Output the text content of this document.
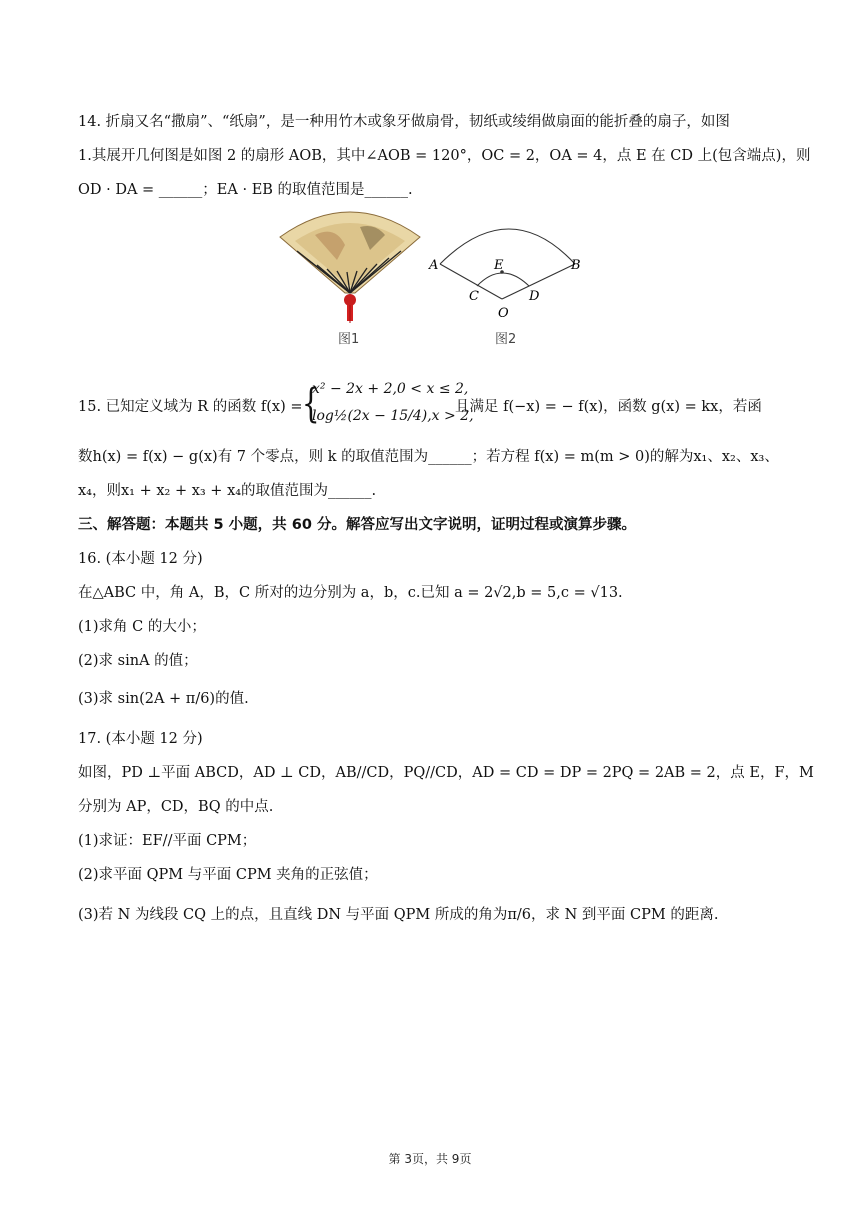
14. 折扇又名“撒扇”、“纸扇”，是一种用竹木或象牙做扇骨，韧纸或绫绢做扇面的能折叠的扇子，如图
1.其展开几何图是如图 2 的扇形 AOB，其中∠AOB = 120°，OC = 2，OA = 4，点 E 在 CD 上(包含端点)，则
OD · DA = ______；EA · EB 的取值范围是______.
图1
A	B
C	D
E
O
图2
15. 已知定义域为 R 的函数 f(x) = {
x² − 2x + 2,0 < x ≤ 2,
log½(2x − 15/4),x > 2,
且满足 f(−x) = − f(x)，函数 g(x) = kx，若函
数h(x) = f(x) − g(x)有 7 个零点，则 k 的取值范围为______；若方程 f(x) = m(m > 0)的解为x₁、x₂、x₃、
x₄，则x₁ + x₂ + x₃ + x₄的取值范围为______.
三、解答题：本题共 5 小题，共 60 分。解答应写出文字说明，证明过程或演算步骤。
16. (本小题 12 分)
在△ABC 中，角 A，B，C 所对的边分别为 a，b，c.已知 a = 2√2,b = 5,c = √13.
(1)求角 C 的大小；
(2)求 sinA 的值；
(3)求 sin(2A + π/6)的值.
17. (本小题 12 分)
如图，PD ⊥平面 ABCD，AD ⊥ CD，AB//CD，PQ//CD，AD = CD = DP = 2PQ = 2AB = 2，点 E，F，M
分别为 AP，CD，BQ 的中点.
(1)求证：EF//平面 CPM；
(2)求平面 QPM 与平面 CPM 夹角的正弦值；
(3)若 N 为线段 CQ 上的点，且直线 DN 与平面 QPM 所成的角为π/6，求 N 到平面 CPM 的距离.
第 3页，共 9页
